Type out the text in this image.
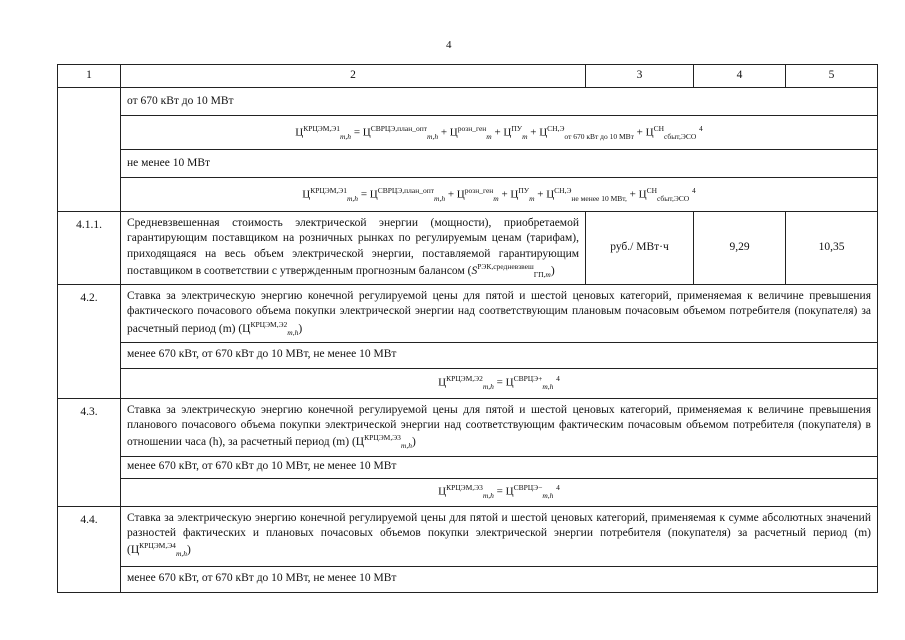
4
1	2	3	4	5
	от 670 кВт до 10 МВт			
	$Ц^{КРЦЭМ,Э1}_{m,h} = Ц^{СВРЦЭ,план\_опт}_{m,h} + Ц^{розн\_ген}_m + Ц^{ПУ}_m + Ц^{СН,Э}_{от 670 кВт до 10 МВт} + Ц^{СН}_{сбыт,ЭСО}$ $^4$
	не менее 10 МВт			
	$Ц^{КРЦЭМ,Э1}_{m,h} = Ц^{СВРЦЭ,план\_опт}_{m,h} + Ц^{розн\_ген}_m + Ц^{ПУ}_m + Ц^{СН,Э}_{не менее 10 МВт,} + Ц^{СН}_{сбыт,ЭСО}$ $^4$
4.1.1.	Средневзвешенная стоимость электрической энергии (мощности), приобретаемой гарантирующим поставщиком на розничных рынках по регулируемым ценам (тарифам), приходящаяся на весь объем электрической энергии, поставляемой гарантирующим поставщиком в соответствии с утвержденным прогнозным балансом $(S^{РЭК,средневзвеш}_{ГП,m})$	руб./ МВт·ч	9,29	10,35
4.2.	Ставка за электрическую энергию конечной регулируемой цены для пятой и шестой ценовых категорий, применяемая к величине превышения фактического почасового объема покупки электрической энергии над соответствующим плановым почасовым объемом потребителя (покупателя) за расчетный период (m) $(Ц^{КРЦЭМ,Э2}_{m,h})$			
	менее 670 кВт, от 670 кВт до 10 МВт, не менее 10 МВт			
	$Ц^{КРЦЭМ,Э2}_{m,h} = Ц^{СВРЦЭ+}_{m,h}$ $^4$
4.3.	Ставка за электрическую энергию конечной регулируемой цены для пятой и шестой ценовых категорий, применяемая к величине превышения планового почасового объема покупки электрической энергии над соответствующим фактическим почасовым объемом потребителя (покупателя) в отношении часа (h), за расчетный период (m) $(Ц^{КРЦЭМ,Э3}_{m,h})$			
	менее 670 кВт, от 670 кВт до 10 МВт, не менее 10 МВт			
	$Ц^{КРЦЭМ,Э3}_{m,h} = Ц^{СВРЦЭ-}_{m,h}$ $^4$
4.4.	Ставка за электрическую энергию конечной регулируемой цены для пятой и шестой ценовых категорий, применяемая к сумме абсолютных значений разностей фактических и плановых почасовых объемов покупки электрической энергии потребителя (покупателя) за расчетный период (m) $(Ц^{КРЦЭМ,Э4}_{m,h})$			
	менее 670 кВт, от 670 кВт до 10 МВт, не менее 10 МВт			
